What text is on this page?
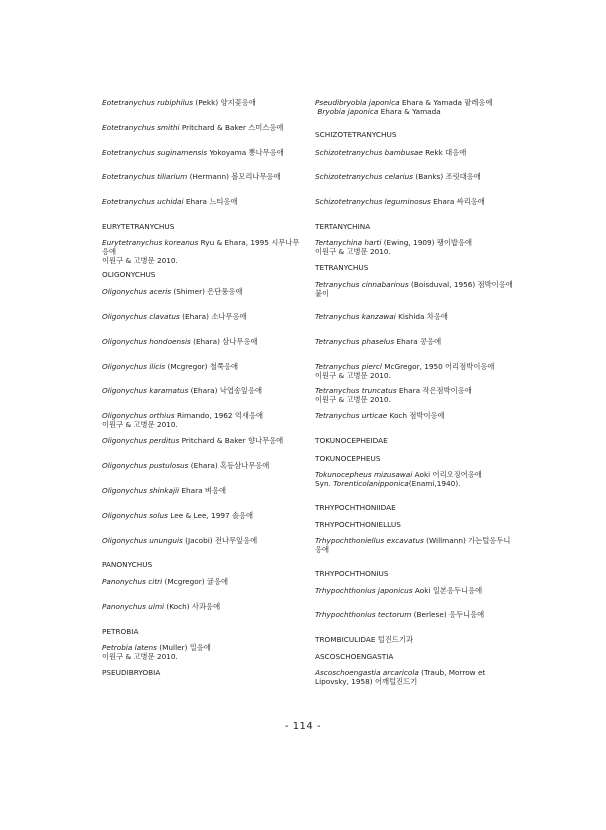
Eotetranychus rubiphilus (Pekk) 양지꽃응애
Eotetranychus smithi Pritchard & Baker 스미스응애
Eotetranychus suginamensis Yokoyama 뽕나무응애
Eotetranychus tiliarium (Hermann) 볼모리나무응애
Eotetranychus uchidai Ehara 느티응애
EURYTETRANYCHUS
Eurytetranychus koreanus Ryu & Ehara, 1995 시무나무
응애
이원구 & 고병문 2010.
OLIGONYCHUS
Oligonychus aceris (Shimer) 은단풍응애
Oligonychus clavatus (Ehara) 소나무응애
Oligonychus hondoensis (Ehara) 삼나무응애
Oligonychus ilicis (Mcgregor) 철쭉응애
Oligonychus karamatus (Ehara) 낙엽송잎응애
Oligonychus orthius Rimando, 1962 억새응애
이원구 & 고병문 2010.
Oligonychus perditus Pritchard & Baker 향나무응애
Oligonychus pustulosus (Ehara) 혹등삼나무응애
Oligonychus shinkajii Ehara 벼응애
Oligonychus solus Lee & Lee, 1997 솔응애
Oligonychus ununguis (Jacobi) 전나무잎응애
PANONYCHUS
Panonychus citri (Mcgregor) 귤응애
Panonychus ulmi (Koch) 사과응애
PETROBIA
Petrobia latens (Muller) 밀응애
이원구 & 고병문 2010.
PSEUDIBRYOBIA
Pseudibryobia japonica Ehara & Yamada 팥레응애
Bryobia japonica Ehara & Yamada
SCHIZOTETRANYCHUS
Schizotetranychus bambusae Rekk 대응애
Schizotetranychus celarius (Banks) 조릿대응애
Schizotetranychus leguminosus Ehara 싸리응애
TERTANYCHINA
Tertanychina harti (Ewing, 1909) 팽이밥응애
이원구 & 고병문 2010.
TETRANYCHUS
Tetranychus cinnabarinus (Boisduval, 1956) 점박이응애
붙이
Tetranychus kanzawai Kishida 차응애
Tetranychus phaselus Ehara 콩응애
Tetranychus piercl McGregor, 1950 어리점박이응애
이원구 & 고병문 2010.
Tetranychus truncatus Ehara 작은점박이응애
이원구 & 고병문 2010.
Tetranychus urticae Koch 점박이응애
TOKUNOCEPHEIDAE
TOKUNOCEPHEUS
Tokunocepheus mizusawai Aoki 어리오징어응애
Syn. Torenticolanipponica(Enami,1940).
TRHYPOCHTHONIIDAE
TRHYPOCHTHONIELLUS
Trhypochthoniellus excavatus (Willmann) 가는털응두니
응애
TRHYPOCHTHONIUS
Trhypochthonius japonicus Aoki 일본응두니응애
Trhypochthonius tectorum (Berlese) 응두니응애
TROMBICULIDAE 털진드기과
ASCOSCHOENGASTIA
Ascoschoengastia arcaricola (Traub, Morrow et
Lipovsky, 1958) 어깨털진드기
- 114 -
